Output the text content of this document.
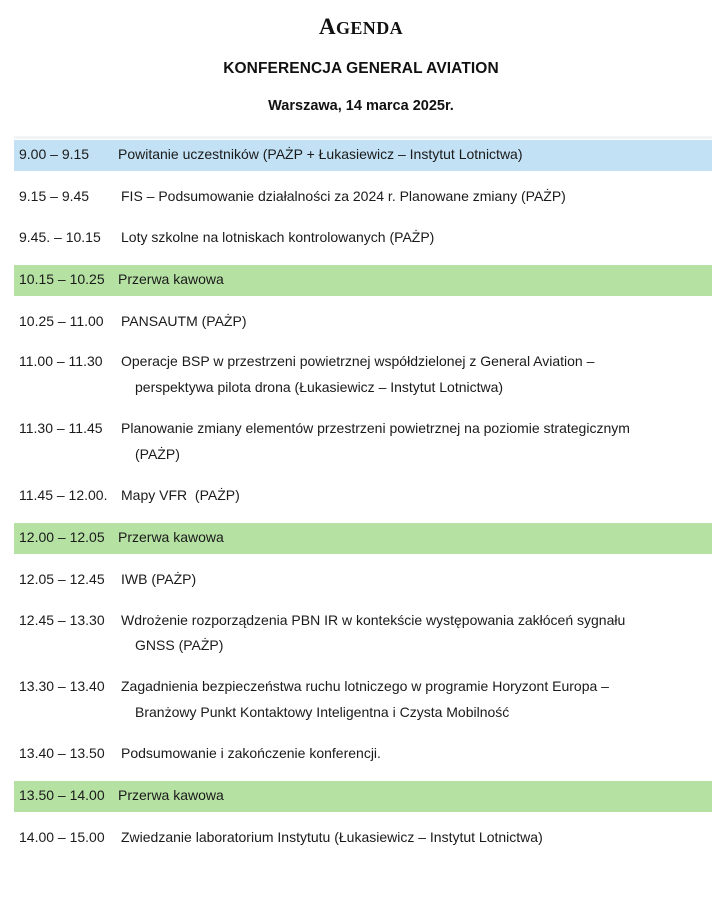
AGENDA
KONFERENCJA GENERAL AVIATION
Warszawa, 14 marca 2025r.
9.00 – 9.15	Powitanie uczestników (PAŻP + Łukasiewicz – Instytut Lotnictwa)
9.15 – 9.45	FIS – Podsumowanie działalności za 2024 r. Planowane zmiany (PAŻP)
9.45. – 10.15	Loty szkolne na lotniskach kontrolowanych (PAŻP)
10.15 – 10.25 Przerwa kawowa
10.25 – 11.00	PANSAUTM (PAŻP)
11.00 – 11.30	Operacje BSP w przestrzeni powietrznej współdzielonej z General Aviation –
perspektywa pilota drona (Łukasiewicz – Instytut Lotnictwa)
11.30 – 11.45	Planowanie zmiany elementów przestrzeni powietrznej na poziomie strategicznym
(PAŻP)
11.45 – 12.00. Mapy VFR  (PAŻP)
12.00 – 12.05 Przerwa kawowa
12.05 – 12.45	IWB (PAŻP)
12.45 – 13.30	Wdrożenie rozporządzenia PBN IR w kontekście występowania zakłóceń sygnału
GNSS (PAŻP)
13.30 – 13.40	Zagadnienia bezpieczeństwa ruchu lotniczego w programie Horyzont Europa –
Branżowy Punkt Kontaktowy Inteligentna i Czysta Mobilność
13.40 – 13.50	Podsumowanie i zakończenie konferencji.
13.50 – 14.00 Przerwa kawowa
14.00 – 15.00	Zwiedzanie laboratorium Instytutu (Łukasiewicz – Instytut Lotnictwa)
